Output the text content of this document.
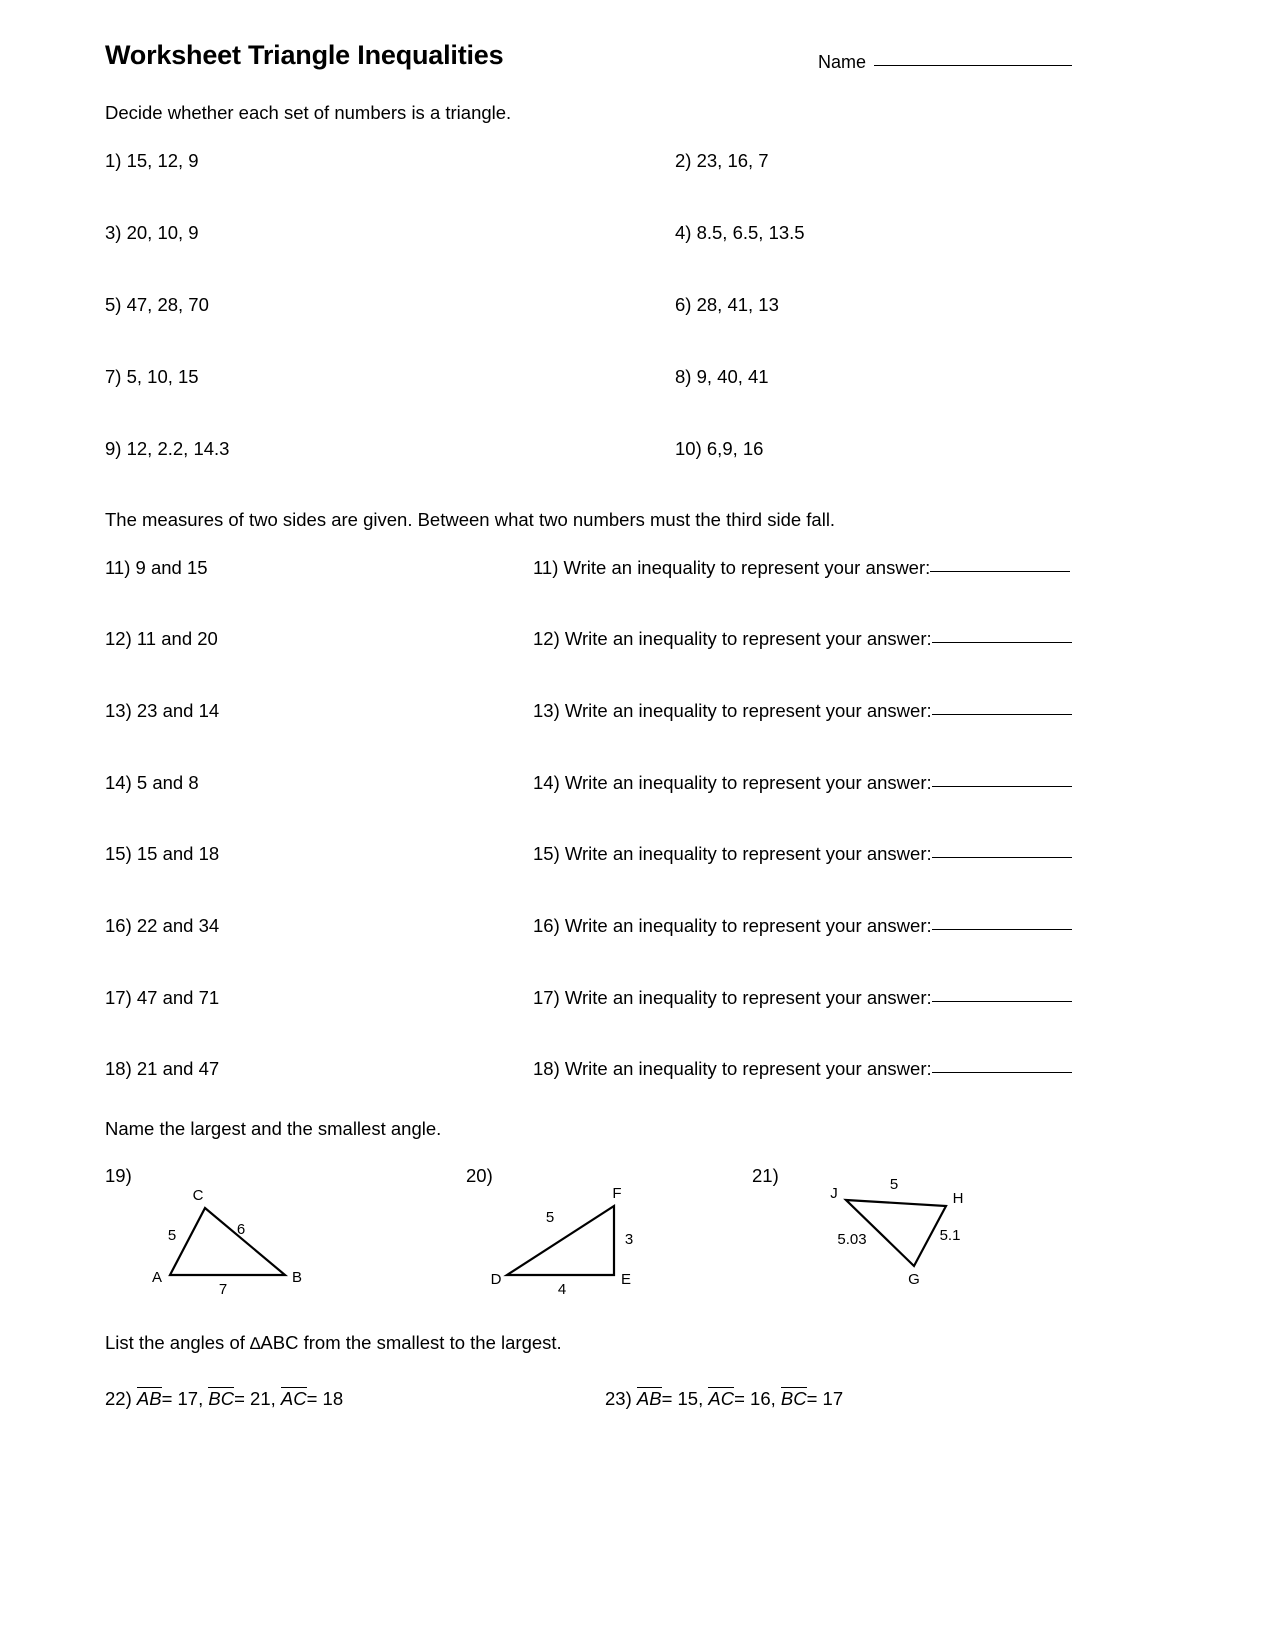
Worksheet Triangle Inequalities	Name
Decide whether each set of numbers is a triangle.
1) 15, 12, 9	2) 23, 16, 7
3) 20, 10, 9	4) 8.5, 6.5, 13.5
5) 47, 28, 70	6) 28, 41, 13
7) 5, 10, 15	8) 9, 40, 41
9) 12, 2.2, 14.3	10) 6,9, 16
The measures of two sides are given. Between what two numbers must the third side fall.
11) 9 and 15	11) Write an inequality to represent your answer:
12) 11 and 20	12) Write an inequality to represent your answer:
13) 23 and 14	13) Write an inequality to represent your answer:
14) 5 and 8	14) Write an inequality to represent your answer:
15) 15 and 18	15) Write an inequality to represent your answer:
16) 22 and 34	16) Write an inequality to represent your answer:
17) 47 and 71	17) Write an inequality to represent your answer:
18) 21 and 47	18) Write an inequality to represent your answer:
Name the largest and the smallest angle.
19)
C
A	B
5	6
7
20)
F
D	E
5
3
4
21)
J	H
G
5
5.03	5.1
List the angles of ∆ABC from the smallest to the largest.
22) AB= 17, BC= 21, AC= 18	23) AB= 15, AC= 16, BC= 17
